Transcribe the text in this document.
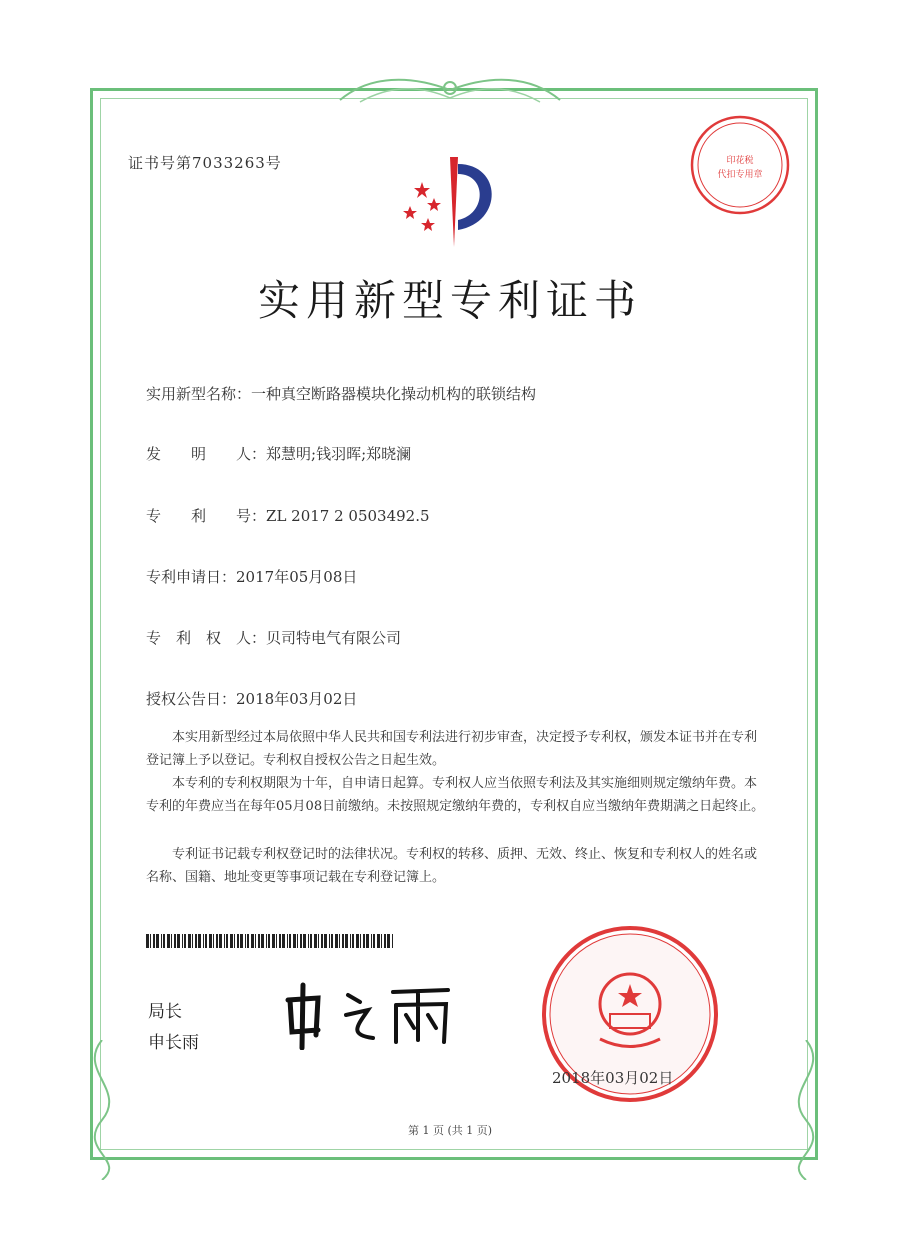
证书号第7033263号	印花税
代扣专用章
实用新型专利证书
实用新型名称：一种真空断路器模块化操动机构的联锁结构
发　　明　　人：郑慧明;钱羽晖;郑晓澜
专　　利　　号：ZL 2017 2 0503492.5
专利申请日：2017年05月08日
专　利　权　人：贝司特电气有限公司
授权公告日：2018年03月02日

本实用新型经过本局依照中华人民共和国专利法进行初步审查，决定授予专利权，颁发本证书并在专利登记簿上予以登记。专利权自授权公告之日起生效。

本专利的专利权期限为十年，自申请日起算。专利权人应当依照专利法及其实施细则规定缴纳年费。本专利的年费应当在每年05月08日前缴纳。未按照规定缴纳年费的，专利权自应当缴纳年费期满之日起终止。

专利证书记载专利权登记时的法律状况。专利权的转移、质押、无效、终止、恢复和专利权人的姓名或名称、国籍、地址变更等事项记载在专利登记簿上。

局长
申长雨
2018年03月02日
第 1 页 (共 1 页)
